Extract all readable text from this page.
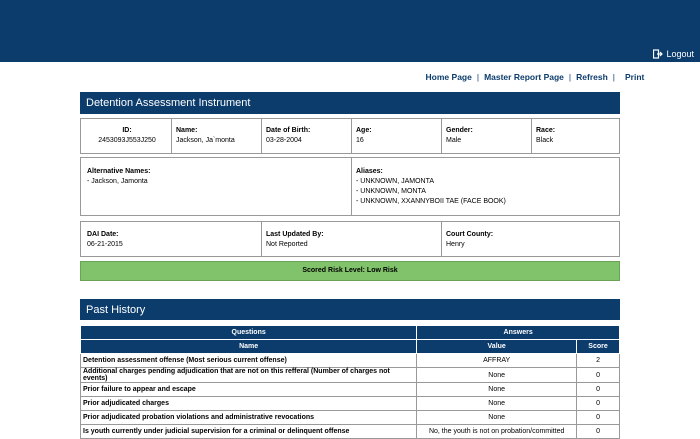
Logout
Home Page | Master Report Page | Refresh | Print
Detention Assessment Instrument
ID:
2453093J553J250
Name:
Jackson, Ja`monta
Date of Birth:
03-28-2004
Age:
16
Gender:
Male
Race:
Black
Alternative Names:
- Jackson, Jamonta
Aliases:
- UNKNOWN, JAMONTA
- UNKNOWN, MONTA
- UNKNOWN, XXANNYBOII TAE (FACE BOOK)
DAI Date:
06-21-2015
Last Updated By:
Not Reported
Court County:
Henry
Scored Risk Level: Low Risk
Past History
Questions	Answers	
Name	Value	Score
Detention assessment offense (Most serious current offense)	AFFRAY	2
Additional charges pending adjudication that are not on this refferal (Number of charges not events)	None	0
Prior failure to appear and escape	None	0
Prior adjudicated charges	None	0
Prior adjudicated probation violations and administrative revocations	None	0
Is youth currently under judicial supervision for a criminal or delinquent offense	No, the youth is not on probation/committed	0
